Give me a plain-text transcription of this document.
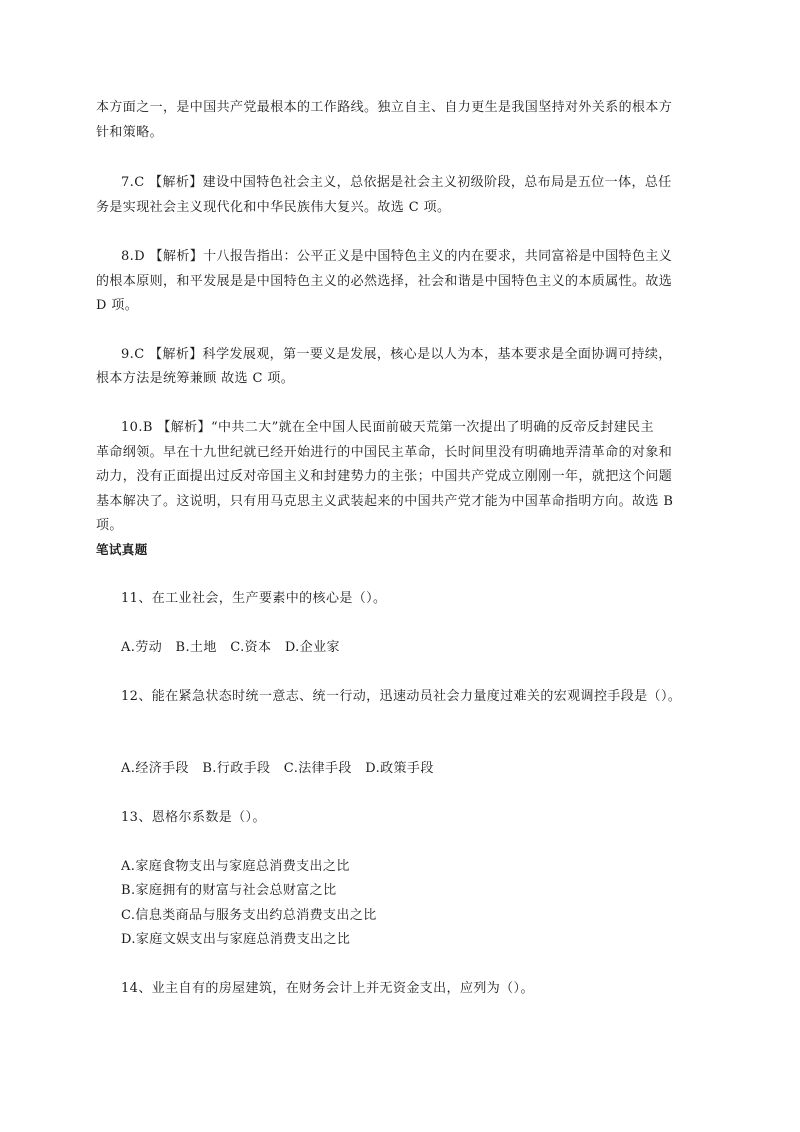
本方面之一，是中国共产党最根本的工作路线。独立自主、自力更生是我国坚持对外关系的根本方
针和策略。
7.C 【解析】建设中国特色社会主义，总依据是社会主义初级阶段，总布局是五位一体，总任
务是实现社会主义现代化和中华民族伟大复兴。故选 C 项。
8.D 【解析】十八报告指出：公平正义是中国特色主义的内在要求，共同富裕是中国特色主义
的根本原则，和平发展是是中国特色主义的必然选择，社会和谐是中国特色主义的本质属性。故选
D 项。
9.C 【解析】科学发展观，第一要义是发展，核心是以人为本，基本要求是全面协调可持续，
根本方法是统筹兼顾 故选 C 项。
10.B 【解析】“中共二大”就在全中国人民面前破天荒第一次提出了明确的反帝反封建民主
革命纲领。早在十九世纪就已经开始进行的中国民主革命，长时间里没有明确地弄清革命的对象和
动力，没有正面提出过反对帝国主义和封建势力的主张；中国共产党成立刚刚一年，就把这个问题
基本解决了。这说明，只有用马克思主义武装起来的中国共产党才能为中国革命指明方向。故选 B
项。
笔试真题
11、在工业社会，生产要素中的核心是（）。
A.劳动　B.土地　C.资本　D.企业家
12、能在紧急状态时统一意志、统一行动，迅速动员社会力量度过难关的宏观调控手段是（）。
A.经济手段　B.行政手段　C.法律手段　D.政策手段
13、恩格尔系数是（）。
A.家庭食物支出与家庭总消费支出之比
B.家庭拥有的财富与社会总财富之比
C.信息类商品与服务支出约总消费支出之比
D.家庭文娱支出与家庭总消费支出之比
14、业主自有的房屋建筑，在财务会计上并无资金支出，应列为（）。
